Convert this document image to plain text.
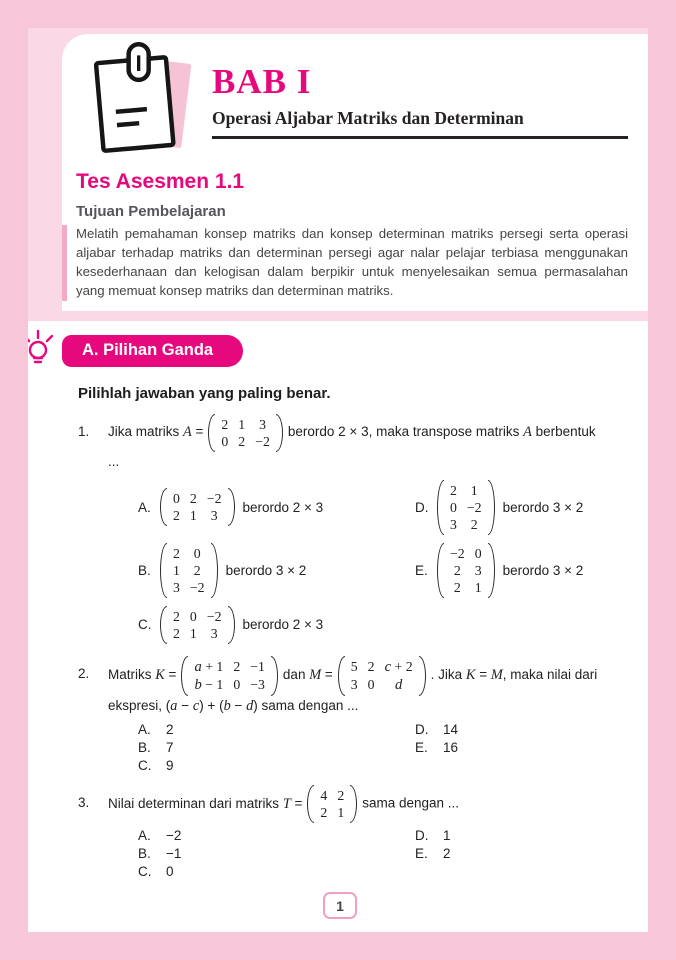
BAB I
Operasi Aljabar Matriks dan Determinan
Tes Asesmen 1.1
Tujuan Pembelajaran

Melatih pemahaman konsep matriks dan konsep determinan matriks persegi serta operasi aljabar terhadap matriks dan determinan persegi agar nalar pelajar terbiasa menggunakan kesederhanaan dan kelogisan dalam berpikir untuk menyelesaikan semua permasalahan yang memuat konsep matriks dan determinan matriks.

A. Pilihan Ganda
Pilihlah jawaban yang paling benar.
1.	Jika matriks A =
2 1 3
0 2 −2
berordo 2 × 3, maka transpose matriks A berbentuk ...
A.
0 2 −2
2 1 3
berordo 2 × 3
B.
2 0
1 2
3 −2
berordo 3 × 2
C.
2 0 −2
2 1 3
berordo 2 × 3
D.
2 1
0 −2
3 2
berordo 3 × 2
E.
−2 0
2 3
2 1
berordo 3 × 2
2.	Matriks K =
a + 1 2 −1
b − 1 0 −3
dan M =
5 2 c + 2
3 0	d
. Jika K = M, maka nilai dari ekspresi, (a − c) + (b − d) sama dengan ...
A.	2
B.	7
C.	9
D.	14
E.	16
3.	Nilai determinan dari matriks T =
4 2
2 1
sama dengan ...
A.	−2
B.	−1
C.	0
D.	1
E.	2
1
